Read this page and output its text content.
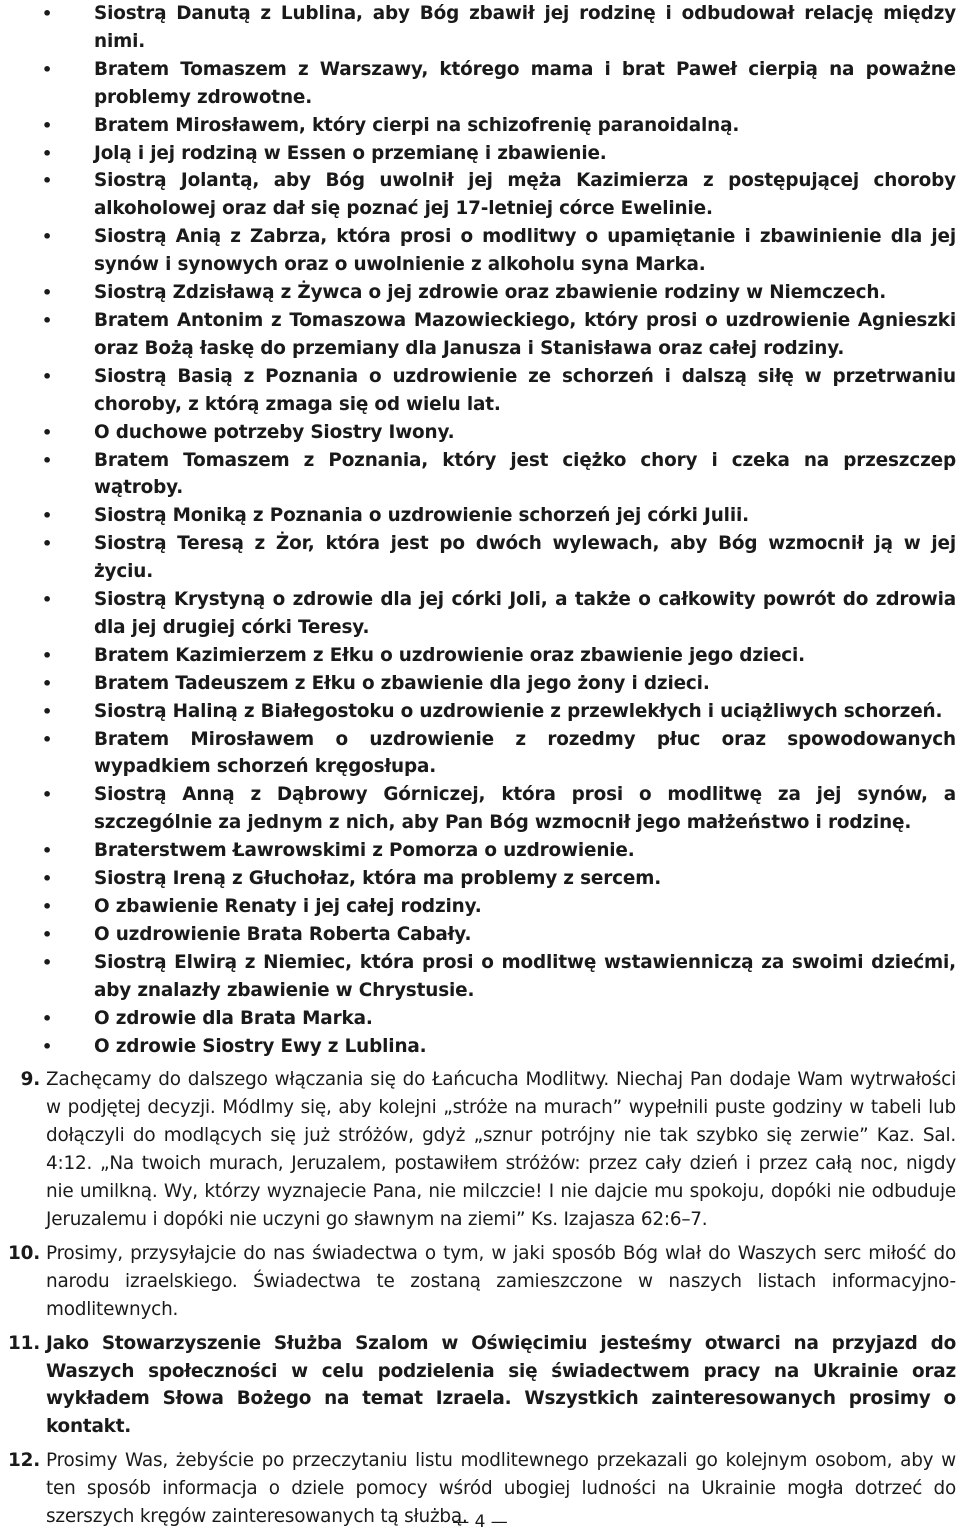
• Siostrą Danutą z Lublina, aby Bóg zbawił jej rodzinę i odbudował relację między nimi.
• Bratem Tomaszem z Warszawy, którego mama i brat Paweł cierpią na poważne problemy zdrowotne.
• Bratem Mirosławem, który cierpi na schizofrenię paranoidalną.
• Jolą i jej rodziną w Essen o przemianę i zbawienie.
• Siostrą Jolantą, aby Bóg uwolnił jej męża Kazimierza z postępującej choroby alkoholowej oraz dał się poznać jej 17-letniej córce Ewelinie.
• Siostrą Anią z Zabrza, która prosi o modlitwy o upamiętanie i zbawinienie dla jej synów i synowych oraz o uwolnienie z alkoholu syna Marka.
• Siostrą Zdzisławą z Żywca o jej zdrowie oraz zbawienie rodziny w Niemczech.
• Bratem Antonim z Tomaszowa Mazowieckiego, który prosi o uzdrowienie Agnieszki oraz Bożą łaskę do przemiany dla Janusza i Stanisława oraz całej rodziny.
• Siostrą Basią z Poznania o uzdrowienie ze schorzeń i dalszą siłę w przetrwaniu choroby, z którą zmaga się od wielu lat.
• O duchowe potrzeby Siostry Iwony.
• Bratem Tomaszem z Poznania, który jest ciężko chory i czeka na przeszczep wątroby.
• Siostrą Moniką z Poznania o uzdrowienie schorzeń jej córki Julii.
• Siostrą Teresą z Żor, która jest po dwóch wylewach, aby Bóg wzmocnił ją w jej życiu.
• Siostrą Krystyną o zdrowie dla jej córki Joli, a także o całkowity powrót do zdrowia dla jej drugiej córki Teresy.
• Bratem Kazimierzem z Ełku o uzdrowienie oraz zbawienie jego dzieci.
• Bratem Tadeuszem z Ełku o zbawienie dla jego żony i dzieci.
• Siostrą Haliną z Białegostoku o uzdrowienie z przewlekłych i uciążliwych schorzeń.
• Bratem Mirosławem o uzdrowienie z rozedmy płuc oraz spowodowanych wypadkiem schorzeń kręgosłupa.
• Siostrą Anną z Dąbrowy Górniczej, która prosi o modlitwę za jej synów, a szczególnie za jednym z nich, aby Pan Bóg wzmocnił jego małżeństwo i rodzinę.
• Braterstwem Ławrowskimi z Pomorza o uzdrowienie.
• Siostrą Ireną z Głuchołaz, która ma problemy z sercem.
• O zbawienie Renaty i jej całej rodziny.
• O uzdrowienie Brata Roberta Cabały.
• Siostrą Elwirą z Niemiec, która prosi o modlitwę wstawienniczą za swoimi dziećmi, aby znalazły zbawienie w Chrystusie.
• O zdrowie dla Brata Marka.
• O zdrowie Siostry Ewy z Lublina.
9. Zachęcamy do dalszego włączania się do Łańcucha Modlitwy. Niechaj Pan dodaje Wam wytrwałości w podjętej decyzji. Módlmy się, aby kolejni „stróże na murach” wypełnili puste godziny w tabeli lub dołączyli do modlących się już stróżów, gdyż „sznur potrójny nie tak szybko się zerwie” Kaz. Sal. 4:12. „Na twoich murach, Jeruzalem, postawiłem stróżów: przez cały dzień i przez całą noc, nigdy nie umilkną. Wy, którzy wyznajecie Pana, nie milczcie! I nie dajcie mu spokoju, dopóki nie odbuduje Jeruzalemu i dopóki nie uczyni go sławnym na ziemi” Ks. Izajasza 62:6–7.
10. Prosimy, przysyłajcie do nas świadectwa o tym, w jaki sposób Bóg wlał do Waszych serc miłość do narodu izraelskiego. Świadectwa te zostaną zamieszczone w naszych listach informacyjno-modlitewnych.
11. Jako Stowarzyszenie Służba Szalom w Oświęcimiu jesteśmy otwarci na przyjazd do Waszych społeczności w celu podzielenia się świadectwem pracy na Ukrainie oraz wykładem Słowa Bożego na temat Izraela. Wszystkich zainteresowanych prosimy o kontakt.
12. Prosimy Was, żebyście po przeczytaniu listu modlitewnego przekazali go kolejnym osobom, aby w ten sposób informacja o dziele pomocy wśród ubogiej ludności na Ukrainie mogła dotrzeć do szerszych kręgów zainteresowanych tą służbą.
— 4 —
